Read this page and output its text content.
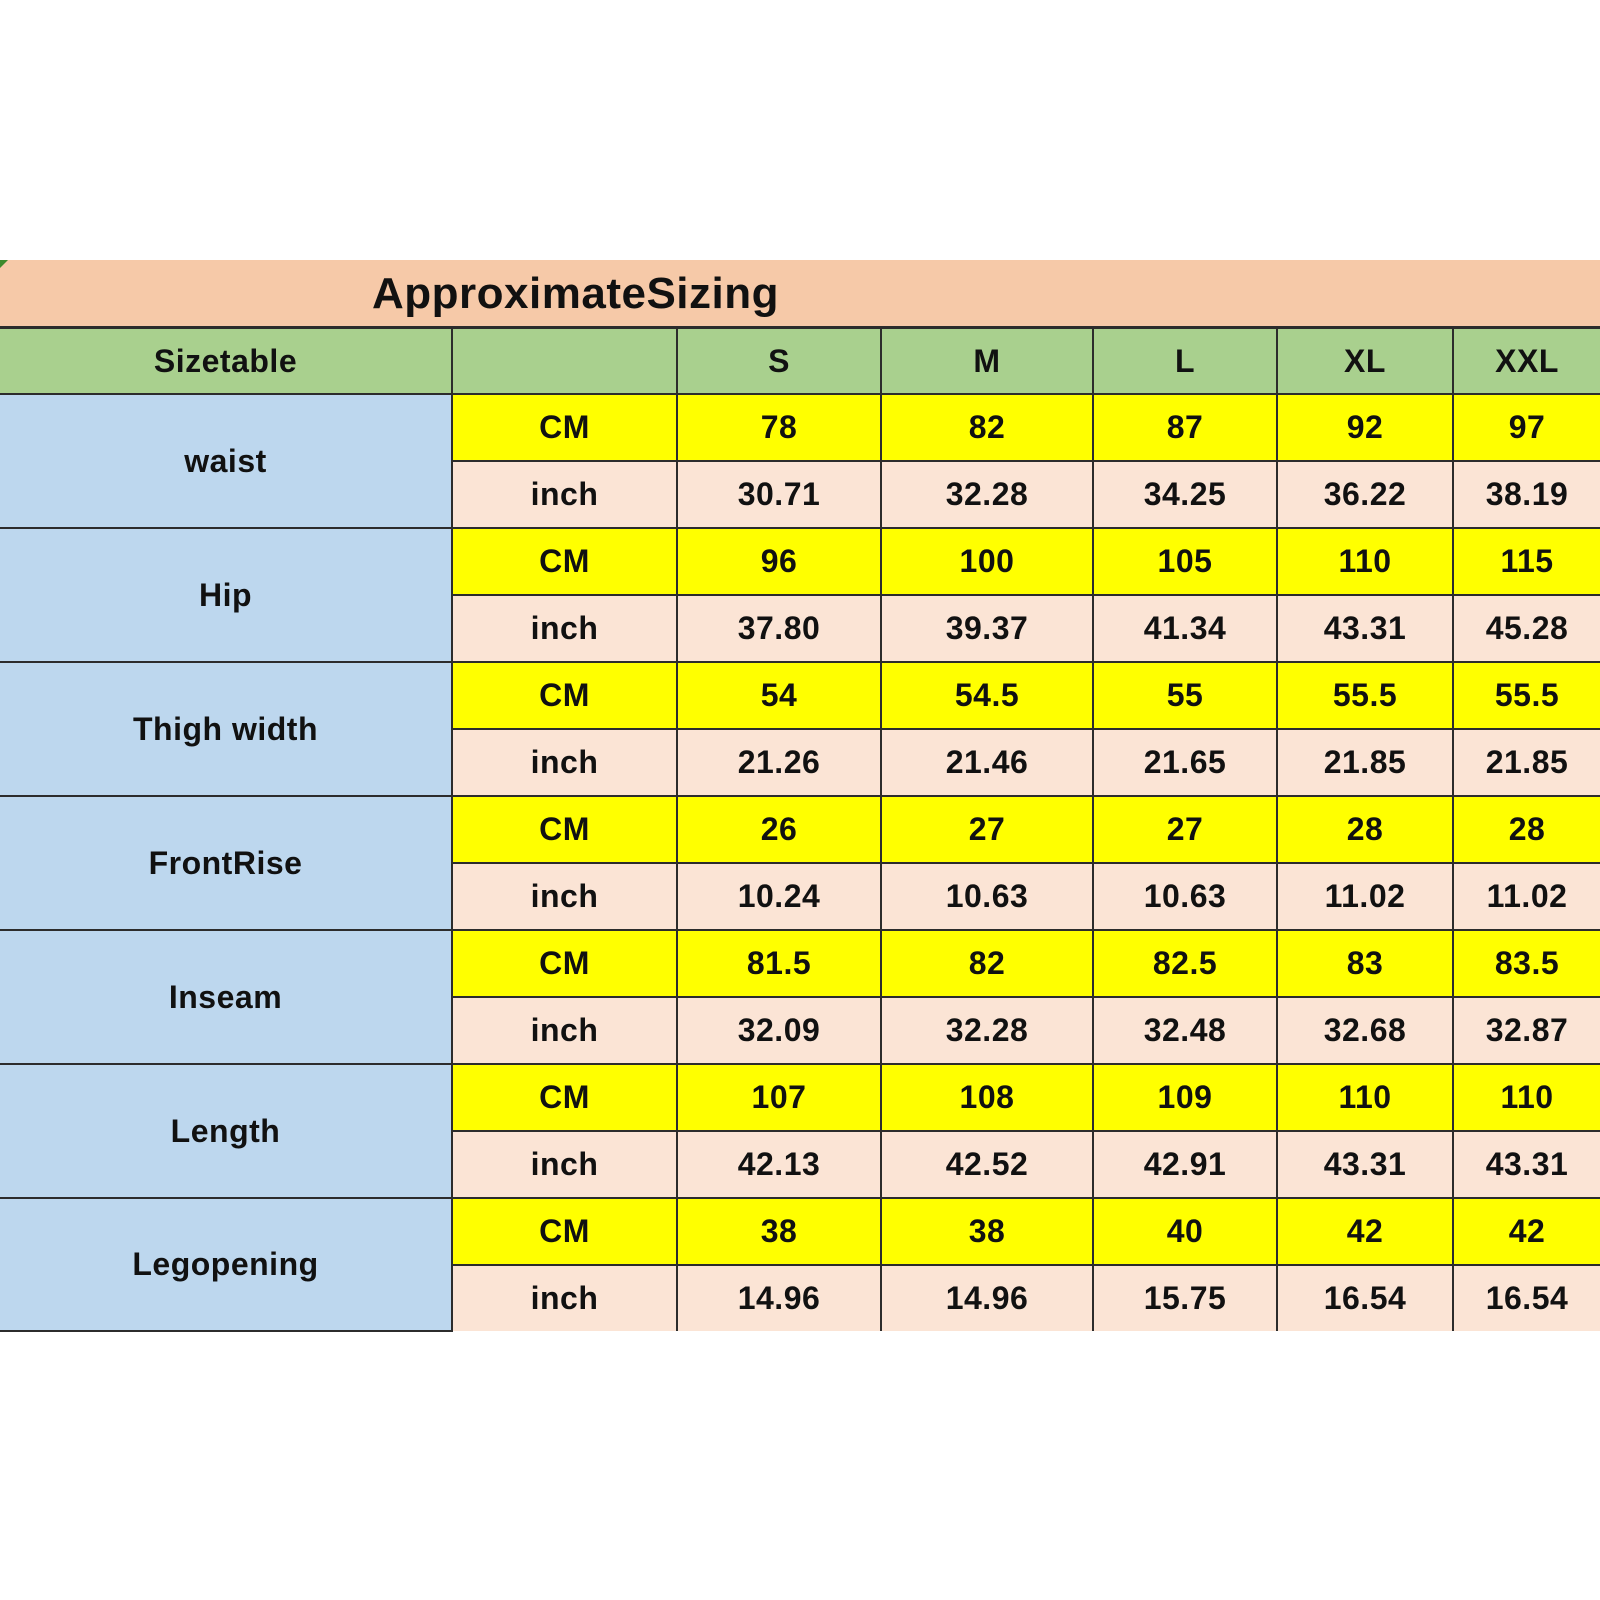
ApproximateSizing
Sizetable		S	M	L	XL	XXL
waist	CM	78	82	87	92	97
	inch	30.71	32.28	34.25	36.22	38.19
Hip	CM	96	100	105	110	115
	inch	37.80	39.37	41.34	43.31	45.28
Thigh width	CM	54	54.5	55	55.5	55.5
	inch	21.26	21.46	21.65	21.85	21.85
FrontRise	CM	26	27	27	28	28
	inch	10.24	10.63	10.63	11.02	11.02
Inseam	CM	81.5	82	82.5	83	83.5
	inch	32.09	32.28	32.48	32.68	32.87
Length	CM	107	108	109	110	110
	inch	42.13	42.52	42.91	43.31	43.31
Legopening	CM	38	38	40	42	42
	inch	14.96	14.96	15.75	16.54	16.54
